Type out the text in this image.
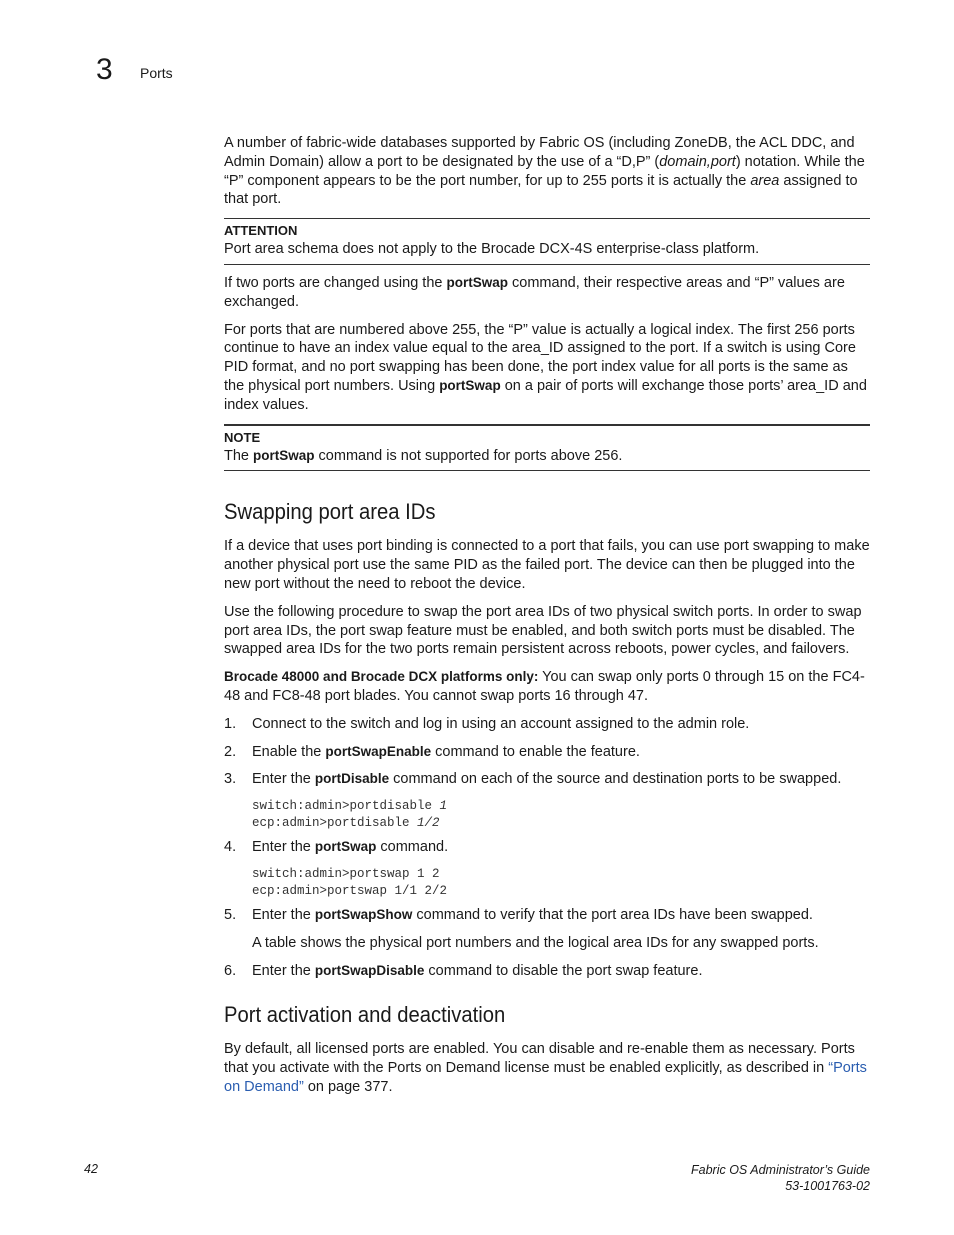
3 Ports

A number of fabric-wide databases supported by Fabric OS (including ZoneDB, the ACL DDC, and Admin Domain) allow a port to be designated by the use of a “D,P” (domain,port) notation. While the “P” component appears to be the port number, for up to 255 ports it is actually the area assigned to that port.

ATTENTION
Port area schema does not apply to the Brocade DCX-4S enterprise-class platform.

If two ports are changed using the portSwap command, their respective areas and “P” values are exchanged.

For ports that are numbered above 255, the “P” value is actually a logical index. The first 256 ports continue to have an index value equal to the area_ID assigned to the port. If a switch is using Core PID format, and no port swapping has been done, the port index value for all ports is the same as the physical port numbers. Using portSwap on a pair of ports will exchange those ports’ area_ID and index values.

NOTE
The portSwap command is not supported for ports above 256.
Swapping port area IDs

If a device that uses port binding is connected to a port that fails, you can use port swapping to make another physical port use the same PID as the failed port. The device can then be plugged into the new port without the need to reboot the device.

Use the following procedure to swap the port area IDs of two physical switch ports. In order to swap port area IDs, the port swap feature must be enabled, and both switch ports must be disabled. The swapped area IDs for the two ports remain persistent across reboots, power cycles, and failovers.

Brocade 48000 and Brocade DCX platforms only: You can swap only ports 0 through 15 on the FC4-48 and FC8-48 port blades. You cannot swap ports 16 through 47.

1. Connect to the switch and log in using an account assigned to the admin role.
2. Enable the portSwapEnable command to enable the feature.
3. Enter the portDisable command on each of the source and destination ports to be swapped.
switch:admin>portdisable 1
ecp:admin>portdisable 1/2
4. Enter the portSwap command.
switch:admin>portswap 1 2
ecp:admin>portswap 1/1 2/2
5. Enter the portSwapShow command to verify that the port area IDs have been swapped.
A table shows the physical port numbers and the logical area IDs for any swapped ports.
6. Enter the portSwapDisable command to disable the port swap feature.
Port activation and deactivation

By default, all licensed ports are enabled. You can disable and re-enable them as necessary. Ports that you activate with the Ports on Demand license must be enabled explicitly, as described in “Ports on Demand” on page 377.

42	Fabric OS Administrator’s Guide
53-1001763-02
